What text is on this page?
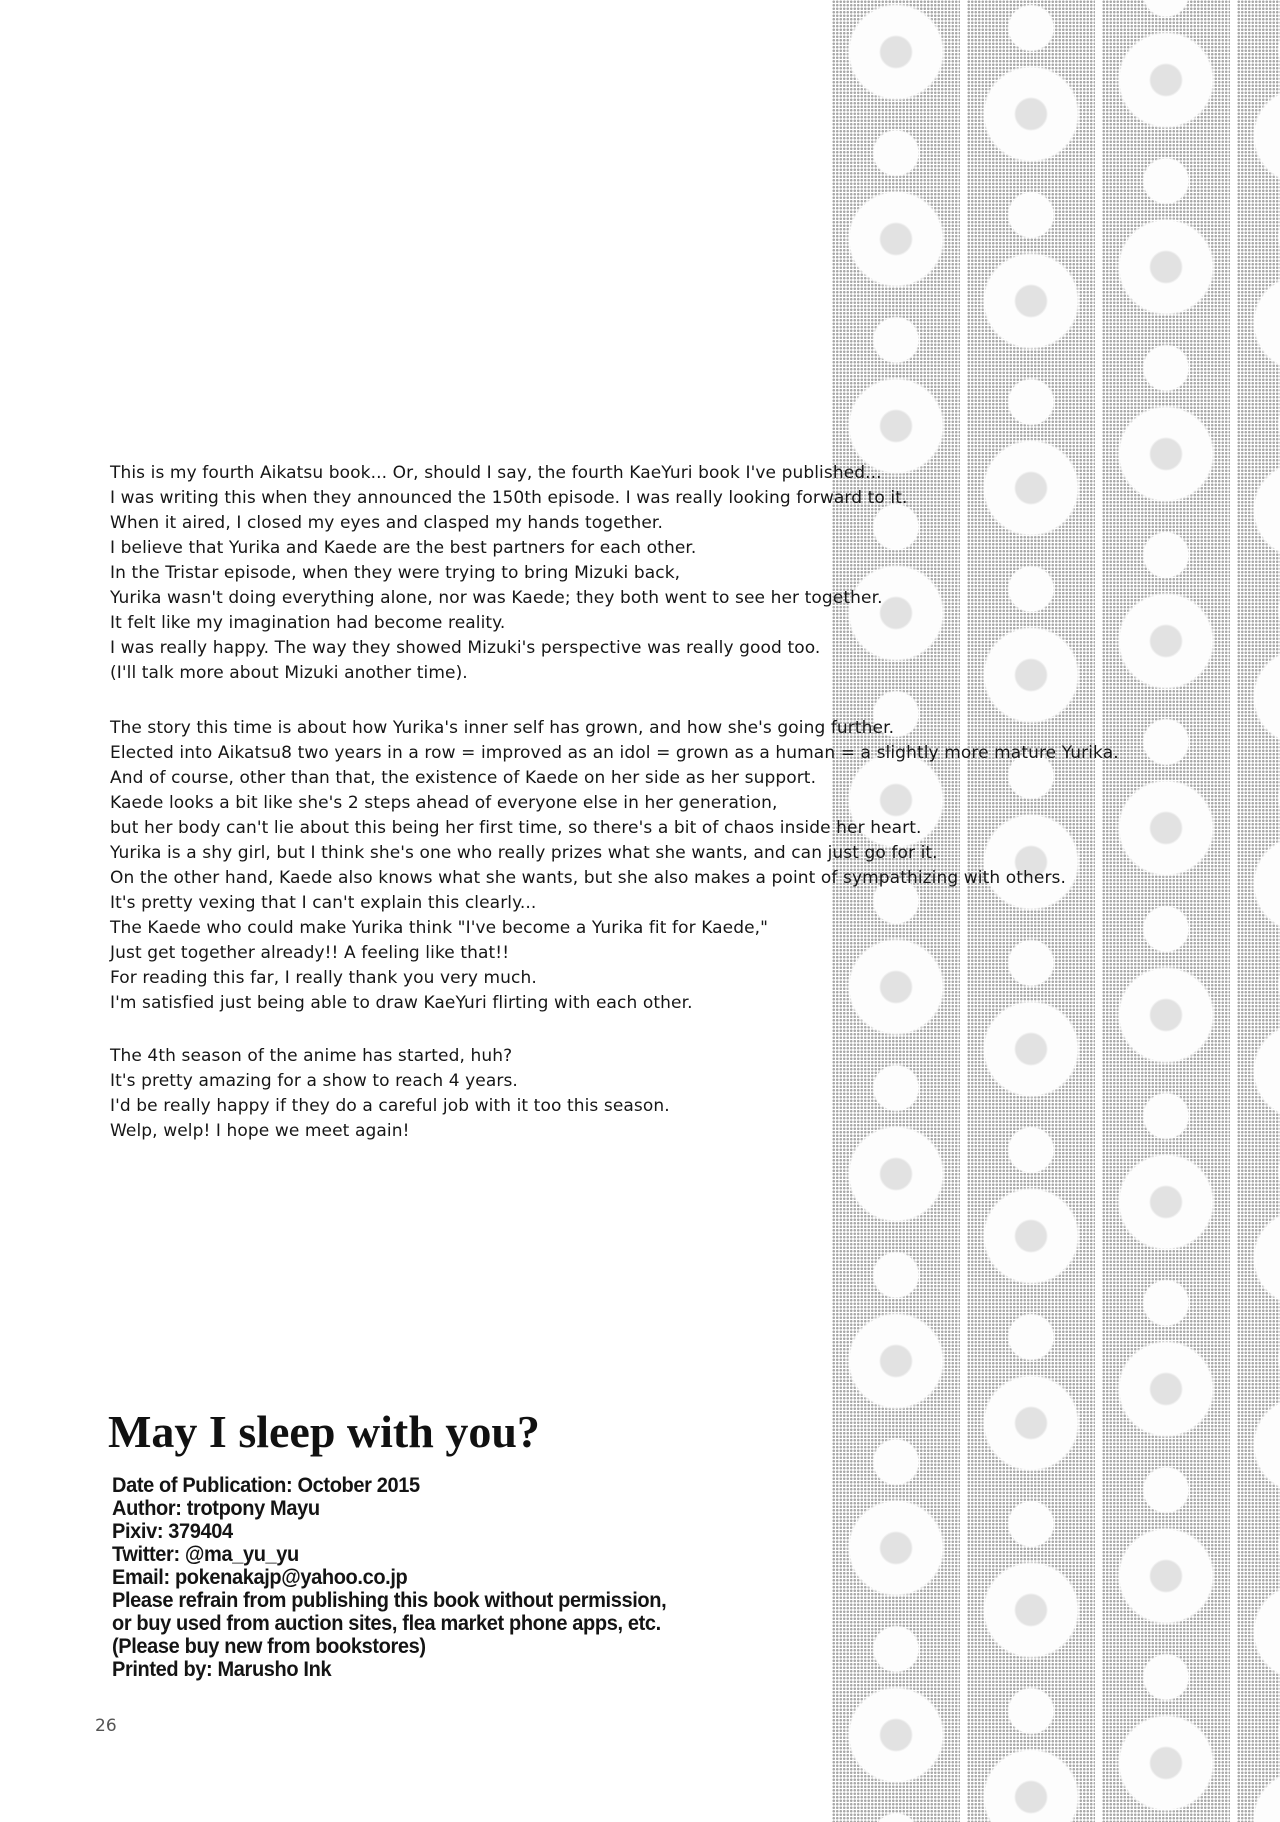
This is my fourth Aikatsu book... Or, should I say, the fourth KaeYuri book I've published...
I was writing this when they announced the 150th episode. I was really looking forward to it.
When it aired, I closed my eyes and clasped my hands together.
I believe that Yurika and Kaede are the best partners for each other.
In the Tristar episode, when they were trying to bring Mizuki back,
Yurika wasn't doing everything alone, nor was Kaede; they both went to see her together.
It felt like my imagination had become reality.
I was really happy. The way they showed Mizuki's perspective was really good too.
(I'll talk more about Mizuki another time).

The story this time is about how Yurika's inner self has grown, and how she's going further.
Elected into Aikatsu8 two years in a row = improved as an idol = grown as a human = a slightly more mature Yurika.
And of course, other than that, the existence of Kaede on her side as her support.
Kaede looks a bit like she's 2 steps ahead of everyone else in her generation,
but her body can't lie about this being her first time, so there's a bit of chaos inside her heart.
Yurika is a shy girl, but I think she's one who really prizes what she wants, and can just go for it.
On the other hand, Kaede also knows what she wants, but she also makes a point of sympathizing with others.
It's pretty vexing that I can't explain this clearly...
The Kaede who could make Yurika think "I've become a Yurika fit for Kaede,"
Just get together already!! A feeling like that!!
For reading this far, I really thank you very much.
I'm satisfied just being able to draw KaeYuri flirting with each other.

The 4th season of the anime has started, huh?
It's pretty amazing for a show to reach 4 years.
I'd be really happy if they do a careful job with it too this season.
Welp, welp! I hope we meet again!

May I sleep with you?
Date of Publication: October 2015
Author: trotpony Mayu
Pixiv: 379404
Twitter: @ma_yu_yu
Email: pokenakajp@yahoo.co.jp
Please refrain from publishing this book without permission,
or buy used from auction sites, flea market phone apps, etc.
(Please buy new from bookstores)
Printed by: Marusho Ink
26
